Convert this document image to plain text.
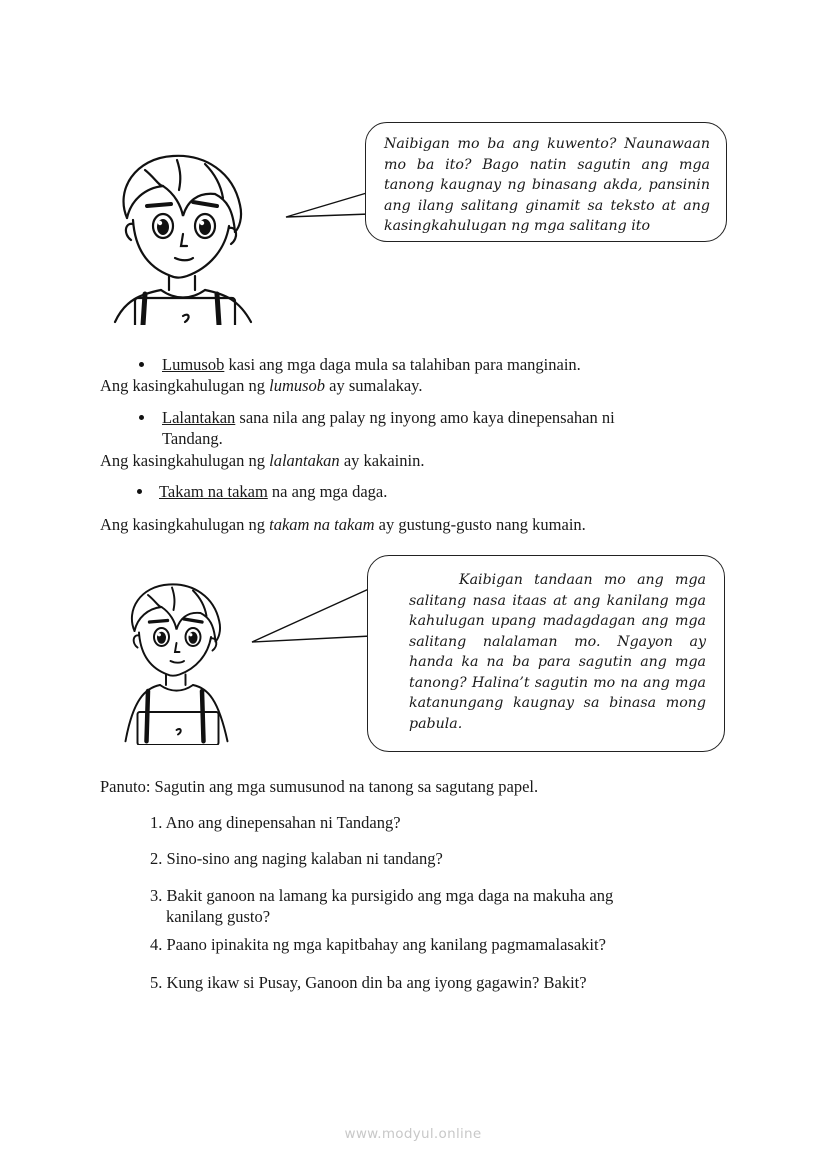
Naibigan mo ba ang kuwento? Naunawaan mo ba ito? Bago natin sagutin ang mga tanong kaugnay ng binasang akda, pansinin ang ilang salitang ginamit sa teksto at ang kasingkahulugan ng mga salitang ito

Lumusob kasi ang mga daga mula sa talahiban para manginain.
Ang kasingkahulugan ng lumusob ay sumalakay.
Lalantakan sana nila ang palay ng inyong amo kaya dinepensahan ni
Tandang.
Ang kasingkahulugan ng lalantakan ay kakainin.
Takam na takam na ang mga daga.
Ang kasingkahulugan ng takam na takam ay gustung-gusto nang kumain.

Kaibigan tandaan mo ang mga salitang nasa itaas at ang kanilang mga kahulugan upang madagdagan ang mga salitang nalalaman mo. Ngayon ay handa ka na ba para sagutin ang mga tanong? Halina’t sagutin mo na ang mga katanungang kaugnay sa binasa mong pabula.

Panuto: Sagutin ang mga sumusunod na tanong sa sagutang papel.
1. Ano ang dinepensahan ni Tandang?
2. Sino-sino ang naging kalaban ni tandang?
3. Bakit ganoon na lamang ka pursigido ang mga daga na makuha ang
kanilang gusto?
4. Paano ipinakita ng mga kapitbahay ang kanilang pagmamalasakit?
5. Kung ikaw si Pusay, Ganoon din ba ang iyong gagawin? Bakit?
www.modyul.online
